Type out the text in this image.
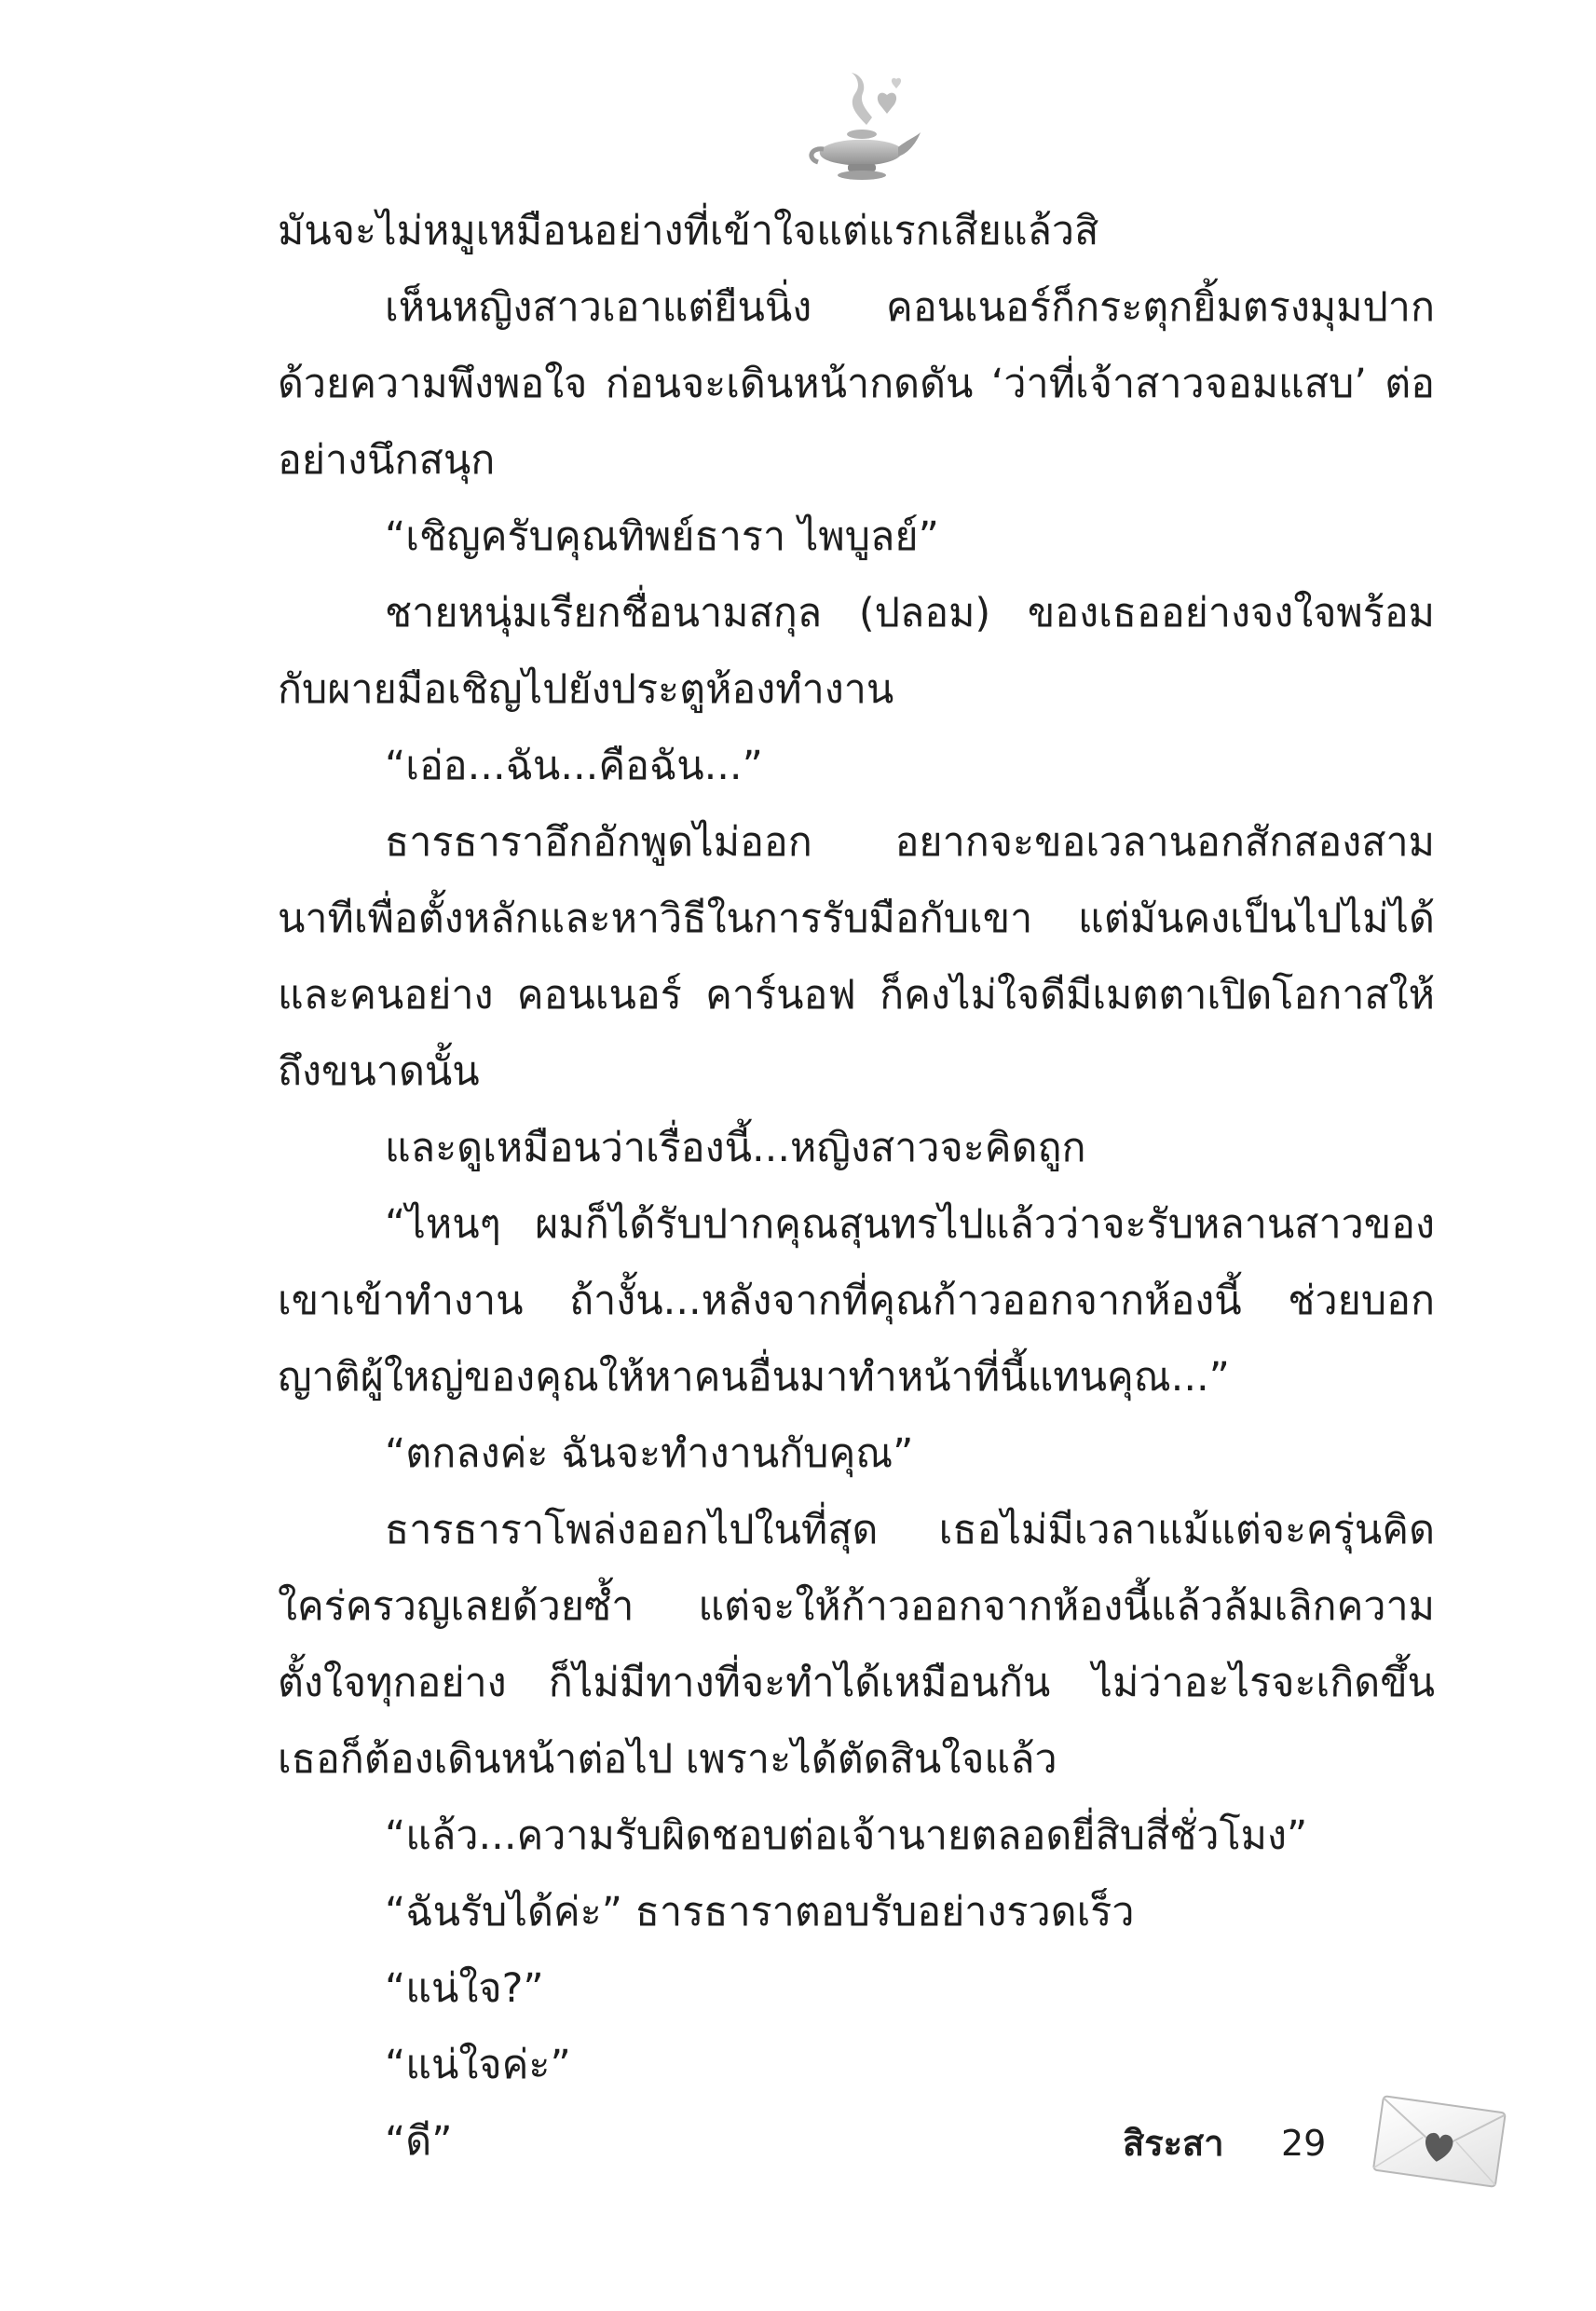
มันจะไม่หมูเหมือนอย่างที่เข้าใจแต่แรกเสียแล้วสิ

เห็นหญิงสาวเอาแต่ยืนนิ่ง คอนเนอร์ก็กระตุกยิ้มตรงมุมปากด้วยความพึงพอใจ ก่อนจะเดินหน้ากดดัน ‘ว่าที่เจ้าสาวจอมแสบ’ ต่ออย่างนึกสนุก

“เชิญครับคุณทิพย์ธารา ไพบูลย์”

ชายหนุ่มเรียกชื่อนามสกุล (ปลอม) ของเธออย่างจงใจพร้อมกับผายมือเชิญไปยังประตูห้องทำงาน

“เอ่อ...ฉัน...คือฉัน...”

ธารธาราอึกอักพูดไม่ออก อยากจะขอเวลานอกสักสองสามนาทีเพื่อตั้งหลักและหาวิธีในการรับมือกับเขา แต่มันคงเป็นไปไม่ได้ และคนอย่าง คอนเนอร์ คาร์นอฟ ก็คงไม่ใจดีมีเมตตาเปิดโอกาสให้ถึงขนาดนั้น

และดูเหมือนว่าเรื่องนี้...หญิงสาวจะคิดถูก

“ไหนๆ ผมก็ได้รับปากคุณสุนทรไปแล้วว่าจะรับหลานสาวของเขาเข้าทำงาน ถ้างั้น...หลังจากที่คุณก้าวออกจากห้องนี้ ช่วยบอกญาติผู้ใหญ่ของคุณให้หาคนอื่นมาทำหน้าที่นี้แทนคุณ...”

“ตกลงค่ะ ฉันจะทำงานกับคุณ”

ธารธาราโพล่งออกไปในที่สุด เธอไม่มีเวลาแม้แต่จะครุ่นคิดใคร่ครวญเลยด้วยซ้ำ แต่จะให้ก้าวออกจากห้องนี้แล้วล้มเลิกความตั้งใจทุกอย่าง ก็ไม่มีทางที่จะทำได้เหมือนกัน ไม่ว่าอะไรจะเกิดขึ้นเธอก็ต้องเดินหน้าต่อไป เพราะได้ตัดสินใจแล้ว

“แล้ว...ความรับผิดชอบต่อเจ้านายตลอดยี่สิบสี่ชั่วโมง”

“ฉันรับได้ค่ะ” ธารธาราตอบรับอย่างรวดเร็ว

“แน่ใจ?”

“แน่ใจค่ะ”

“ดี”	สิระสา 29
